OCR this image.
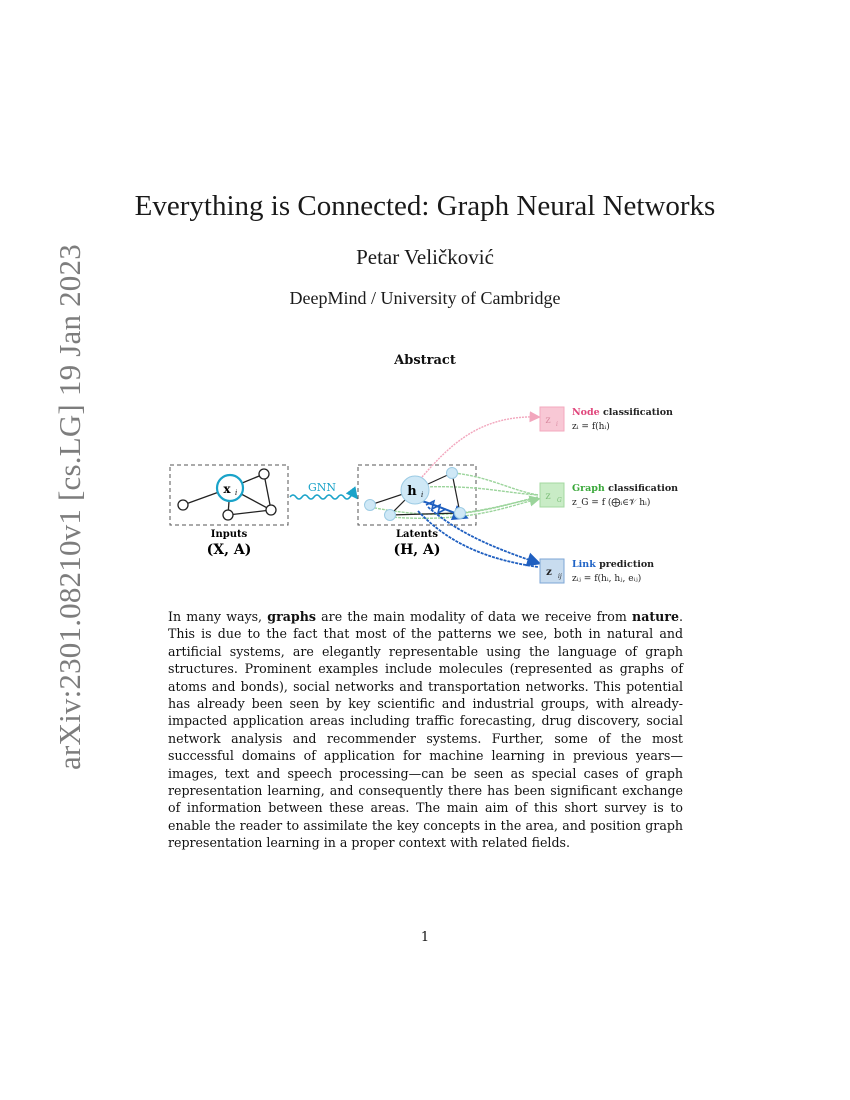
arXiv:2301.08210v1 [cs.LG] 19 Jan 2023
Everything is Connected: Graph Neural Networks
Petar Veličković
DeepMind / University of Cambridge
Abstract
x i
Inputs
(X, A)
GNN	h i
Latents
(H, A)
z i
Node classification
zᵢ = f(hᵢ)
z G
Graph classification
z_G = f (⨁ᵢ∈𝒱 hᵢ)
z ij
Link prediction
zᵢⱼ = f(hᵢ, hⱼ, eᵢⱼ)

In many ways, graphs are the main modality of data we receive from nature. This is due to the fact that most of the patterns we see, both in natural and artificial systems, are elegantly representable using the language of graph structures. Prominent examples include molecules (represented as graphs of atoms and bonds), social networks and transportation networks. This potential has already been seen by key scientific and industrial groups, with already-impacted application areas including traffic forecasting, drug discovery, social network analysis and recommender systems. Further, some of the most successful domains of application for machine learning in previous years—images, text and speech processing—can be seen as special cases of graph representation learning, and consequently there has been significant exchange of information between these areas. The main aim of this short survey is to enable the reader to assimilate the key concepts in the area, and position graph representation learning in a proper context with related fields.

1
